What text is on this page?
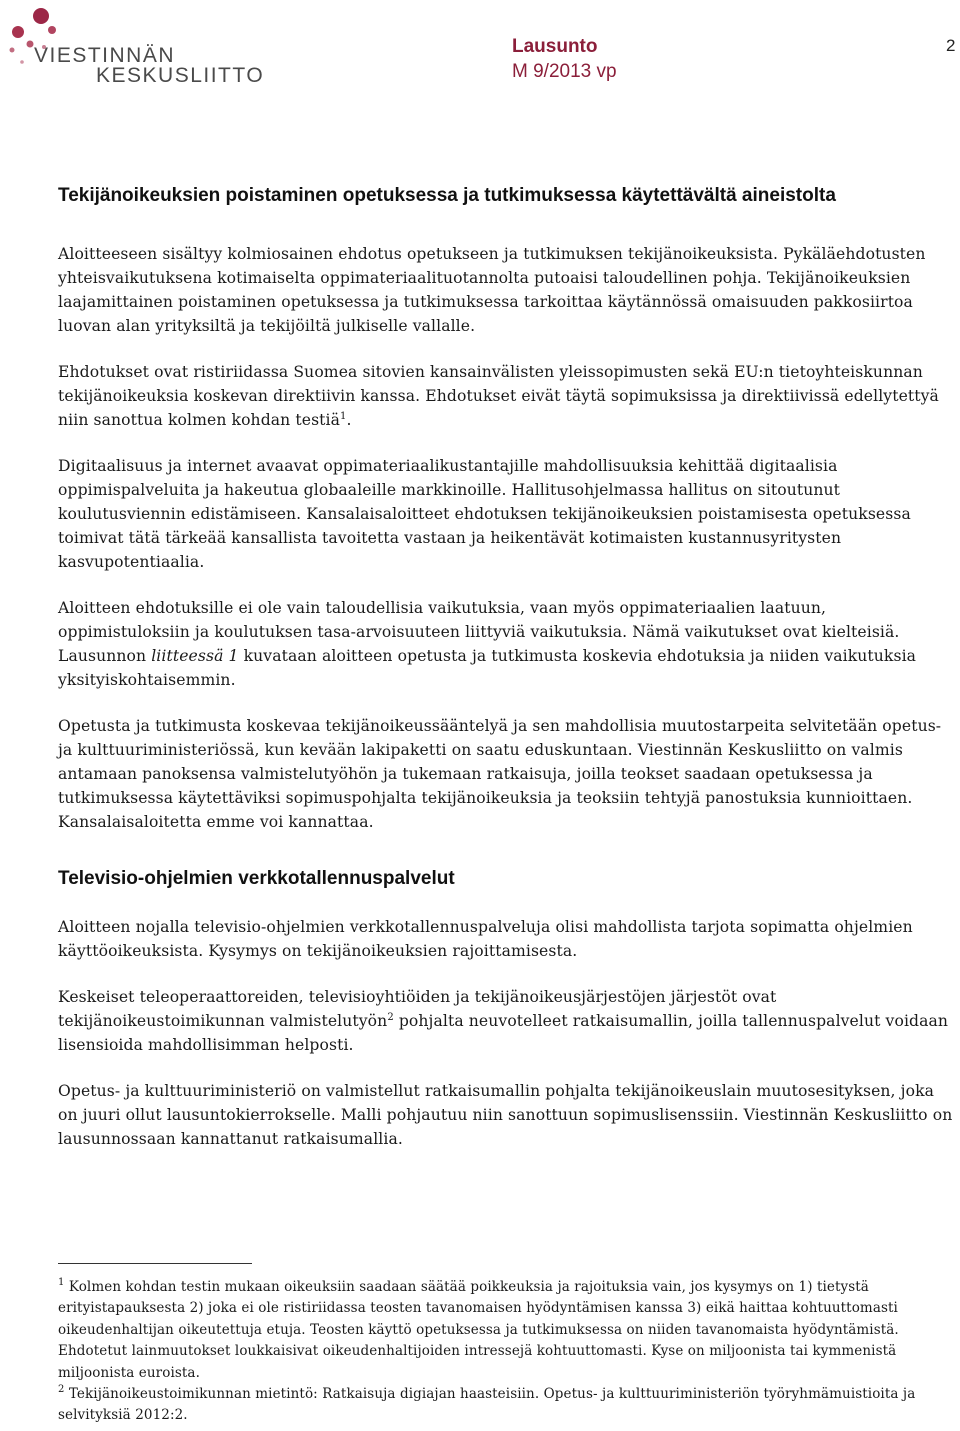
VIESTINNÄN
KESKUSLIITTO
Lausunto
M 9/2013 vp
2
Tekijänoikeuksien poistaminen opetuksessa ja tutkimuksessa käytettävältä aineistolta

Aloitteeseen sisältyy kolmiosainen ehdotus opetukseen ja tutkimuksen tekijänoikeuksista. Pykäläehdotusten yhteisvaikutuksena kotimaiselta oppimateriaalituotannolta putoaisi taloudellinen pohja. Tekijänoikeuksien laajamittainen poistaminen opetuksessa ja tutkimuksessa tarkoittaa käytännössä omaisuuden pakkosiirtoa luovan alan yrityksiltä ja tekijöiltä julkiselle vallalle.

Ehdotukset ovat ristiriidassa Suomea sitovien kansainvälisten yleissopimusten sekä EU:n tietoyhteiskunnan tekijänoikeuksia koskevan direktiivin kanssa. Ehdotukset eivät täytä sopimuksissa ja direktiivissä edellytettyä niin sanottua kolmen kohdan testiä$^1$.

Digitaalisuus ja internet avaavat oppimateriaalikustantajille mahdollisuuksia kehittää digitaalisia oppimispalveluita ja hakeutua globaaleille markkinoille. Hallitusohjelmassa hallitus on sitoutunut koulutusviennin edistämiseen. Kansalaisaloitteet ehdotuksen tekijänoikeuksien poistamisesta opetuksessa toimivat tätä tärkeää kansallista tavoitetta vastaan ja heikentävät kotimaisten kustannusyritysten kasvupotentiaalia.

Aloitteen ehdotuksille ei ole vain taloudellisia vaikutuksia, vaan myös oppimateriaalien laatuun, oppimistuloksiin ja koulutuksen tasa-arvoisuuteen liittyviä vaikutuksia. Nämä vaikutukset ovat kielteisiä. Lausunnon liitteessä 1 kuvataan aloitteen opetusta ja tutkimusta koskevia ehdotuksia ja niiden vaikutuksia yksityiskohtaisemmin.

Opetusta ja tutkimusta koskevaa tekijänoikeussääntelyä ja sen mahdollisia muutostarpeita selvitetään opetus- ja kulttuuriministeriössä, kun kevään lakipaketti on saatu eduskuntaan. Viestinnän Keskusliitto on valmis antamaan panoksensa valmistelutyöhön ja tukemaan ratkaisuja, joilla teokset saadaan opetuksessa ja tutkimuksessa käytettäviksi sopimuspohjalta tekijänoikeuksia ja teoksiin tehtyjä panostuksia kunnioittaen. Kansalaisaloitetta emme voi kannattaa.

Televisio-ohjelmien verkkotallennuspalvelut

Aloitteen nojalla televisio-ohjelmien verkkotallennuspalveluja olisi mahdollista tarjota sopimatta ohjelmien käyttöoikeuksista. Kysymys on tekijänoikeuksien rajoittamisesta.

Keskeiset teleoperaattoreiden, televisioyhtiöiden ja tekijänoikeusjärjestöjen järjestöt ovat tekijänoikeustoimikunnan valmistelutyön$^2$ pohjalta neuvotelleet ratkaisumallin, joilla tallennuspalvelut voidaan lisensioida mahdollisimman helposti.

Opetus- ja kulttuuriministeriö on valmistellut ratkaisumallin pohjalta tekijänoikeuslain muutosesityksen, joka on juuri ollut lausuntokierrokselle. Malli pohjautuu niin sanottuun sopimuslisenssiin. Viestinnän Keskusliitto on lausunnossaan kannattanut ratkaisumallia.

$^1$ Kolmen kohdan testin mukaan oikeuksiin saadaan säätää poikkeuksia ja rajoituksia vain, jos kysymys on 1) tietystä erityistapauksesta 2) joka ei ole ristiriidassa teosten tavanomaisen hyödyntämisen kanssa 3) eikä haittaa kohtuuttomasti oikeudenhaltijan oikeutettuja etuja. Teosten käyttö opetuksessa ja tutkimuksessa on niiden tavanomaista hyödyntämistä. Ehdotetut lainmuutokset loukkaisivat oikeudenhaltijoiden intressejä kohtuuttomasti. Kyse on miljoonista tai kymmenistä miljoonista euroista.

$^2$ Tekijänoikeustoimikunnan mietintö: Ratkaisuja digiajan haasteisiin. Opetus- ja kulttuuriministeriön työryhmämuistioita ja selvityksiä 2012:2.
